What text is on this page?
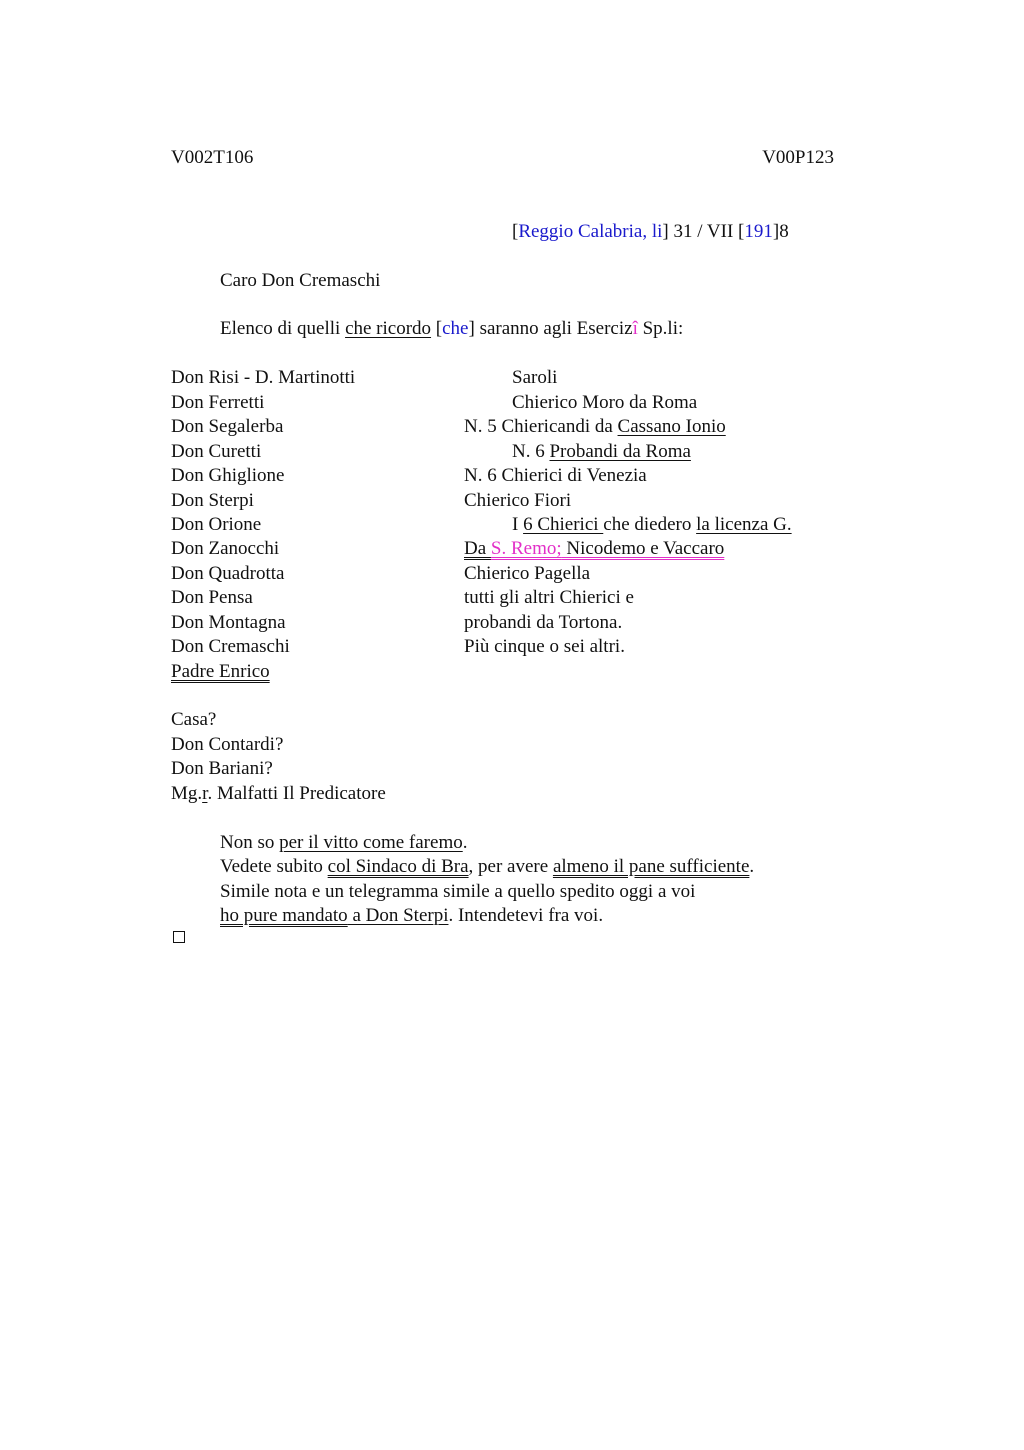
V002T106	V00P123
[Reggio Calabria, li] 31 / VII [191]8
Caro Don Cremaschi
Elenco di quelli che ricordo [che] saranno agli Esercizî Sp.li:
Don Risi - D. Martinotti
Don Ferretti
Don Segalerba
Don Curetti
Don Ghiglione
Don Sterpi
Don Orione
Don Zanocchi
Don Quadrotta
Don Pensa
Don Montagna
Don Cremaschi
Padre Enrico
Saroli
Chierico Moro da Roma
N. 5 Chiericandi da Cassano Ionio
N. 6 Probandi da Roma
N. 6 Chierici di Venezia
Chierico Fiori
I 6 Chierici che diedero la licenza G.
Da S. Remo; Nicodemo e Vaccaro
Chierico Pagella
tutti gli altri Chierici e
probandi da Tortona.
Più cinque o sei altri.
Casa?
Don Contardi?
Don Bariani?
Mg.r. Malfatti Il Predicatore
Non so per il vitto come faremo.
Vedete subito col Sindaco di Bra, per avere almeno il pane sufficiente.
Simile nota e un telegramma simile a quello spedito oggi a voi
ho pure mandato a Don Sterpi. Intendetevi fra voi.
